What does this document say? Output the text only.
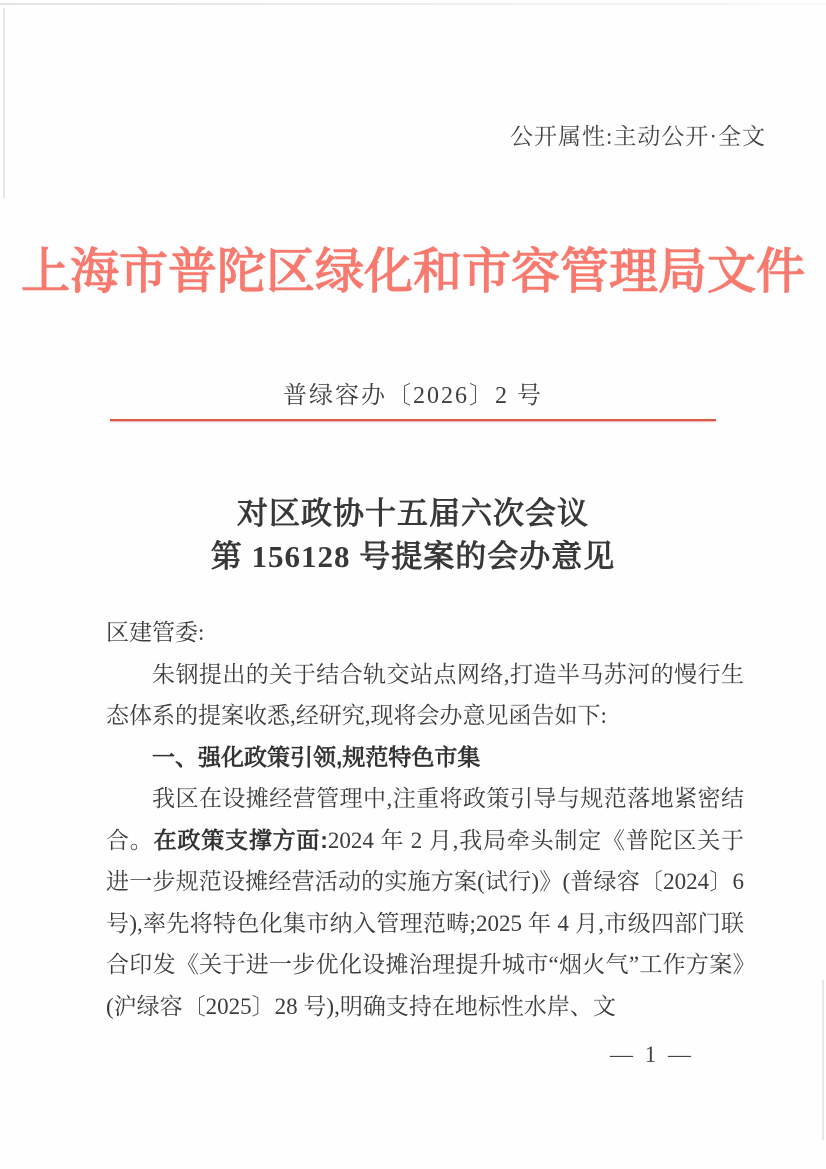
公开属性:主动公开·全文
上海市普陀区绿化和市容管理局文件
普绿容办〔2026〕2 号
对区政协十五届六次会议
第 156128 号提案的会办意见

区建管委:

朱钢提出的关于结合轨交站点网络,打造半马苏河的慢行生态体系的提案收悉,经研究,现将会办意见函告如下:

一、强化政策引领,规范特色市集

我区在设摊经营管理中,注重将政策引导与规范落地紧密结合。在政策支撑方面:2024 年 2 月,我局牵头制定《普陀区关于进一步规范设摊经营活动的实施方案(试行)》(普绿容〔2024〕6 号),率先将特色化集市纳入管理范畴;2025 年 4 月,市级四部门联合印发《关于进一步优化设摊治理提升城市“烟火气”工作方案》(沪绿容〔2025〕28 号),明确支持在地标性水岸、文

— 1 —
